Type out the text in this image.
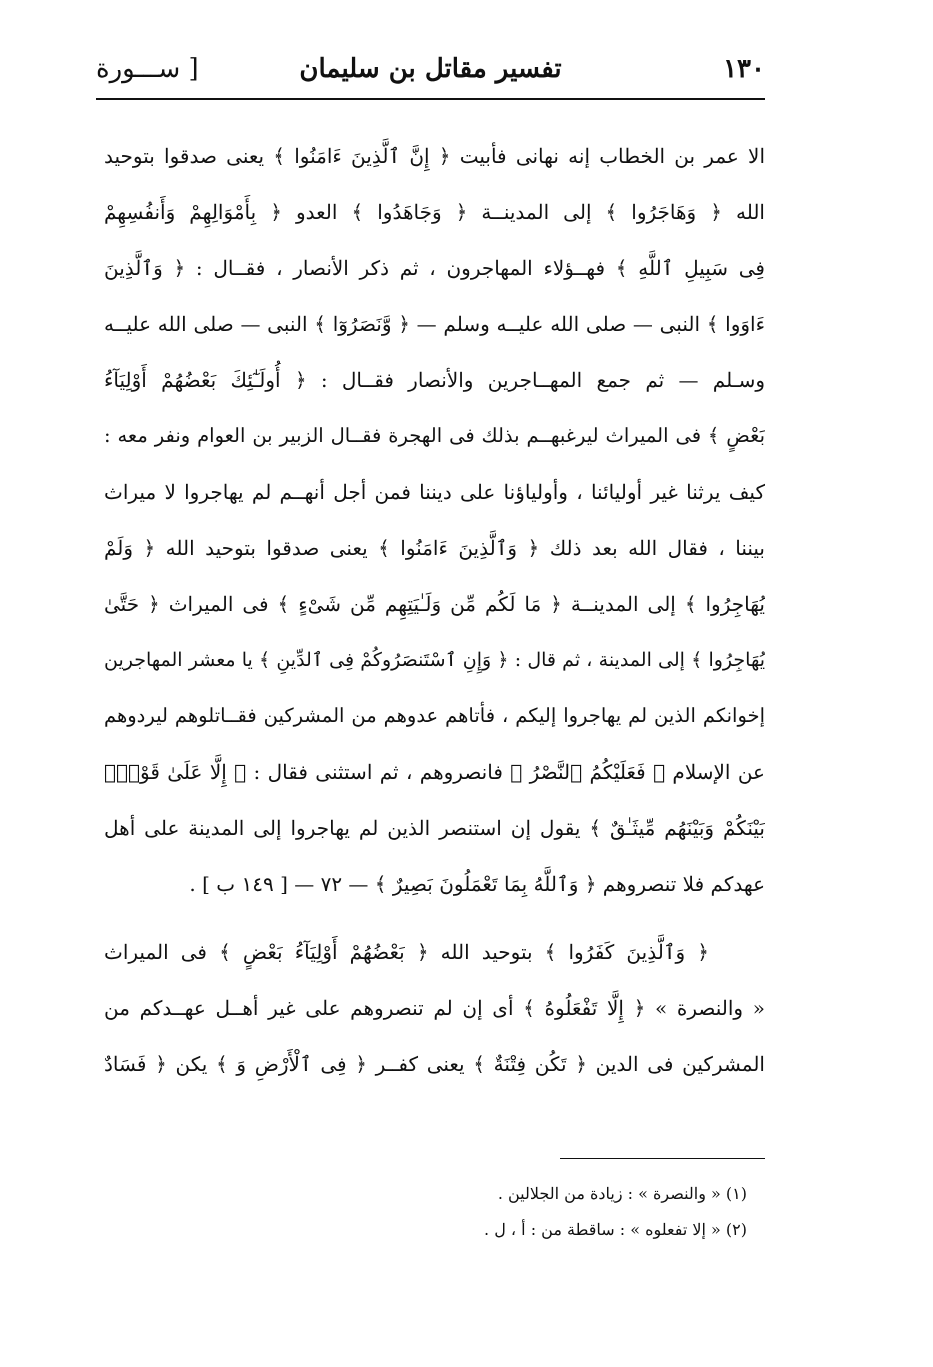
١٣٠
تفسير مقاتل بن سليمان
[ ســـورة
الا عمر بن الخطاب إنه نهانى فأبيت ﴿ إِنَّ ٱلَّذِينَ ءَامَنُوا ﴾ يعنى صدقوا بتوحيد
الله ﴿ وَهَاجَرُوا ﴾ إلى المدينــة ﴿ وَجَاهَدُوا ﴾ العدو ﴿ بِأَمْوَالِهِمْ وَأَنفُسِهِمْ
فِى سَبِيلِ ٱللَّهِ ﴾ فهــؤلاء المهاجرون ، ثم ذكر الأنصار ، فقــال : ﴿ وَٱلَّذِينَ
ءَاوَوا ﴾ النبى — صلى الله عليــه وسلم — ﴿ وَّنَصَرُوٓا ﴾ النبى — صلى الله عليــه
وسـلم — ثم جمع المهــاجرين والأنصار فقــال : ﴿ أُولَـٰٓئِكَ بَعْضُهُمْ أَوْلِيَآءُ
بَعْضٍ ﴾ فى الميراث ليرغبهــم بذلك فى الهجرة فقــال الزبير بن العوام ونفر معه :
كيف يرثنا غير أوليائنا ، وأولياؤنا على ديننا فمن أجل أنهــم لم يهاجروا لا ميراث
بيننا ، فقال الله بعد ذلك ﴿ وَٱلَّذِينَ ءَامَنُوا ﴾ يعنى صدقوا بتوحيد الله ﴿ وَلَمْ
يُهَاجِرُوا ﴾ إلى المدينــة ﴿ مَا لَكُم مِّن وَلَـٰيَتِهِم مِّن شَىْءٍ ﴾ فى الميراث ﴿ حَتَّىٰ
يُهَاجِرُوا ﴾ إلى المدينة ، ثم قال : ﴿ وَإِنِ ٱسْتَنصَرُوكُمْ فِى ٱلدِّينِ ﴾ يا معشر المهاجرين
إخوانكم الذين لم يهاجروا إليكم ، فأتاهم عدوهم من المشركين فقــاتلوهم ليردوهم
عن الإسلام ﴿ فَعَلَيْكُمُ ٱلنَّصْرُ ﴾ فانصروهم ، ثم استثنى فقال : ﴿ إِلَّا عَلَىٰ قَوْمٍۭ
بَيْنَكُمْ وَبَيْنَهُم مِّيثَـٰقٌ ﴾ يقول إن استنصر الذين لم يهاجروا إلى المدينة على أهل
عهدكم فلا تنصروهم ﴿ وَٱللَّهُ بِمَا تَعْمَلُونَ بَصِيرٌ ﴾ — ٧٢ — [ ١٤٩ ب ] .
﴿ وَٱلَّذِينَ كَفَرُوا ﴾ بتوحيد الله ﴿ بَعْضُهُمْ أَوْلِيَآءُ بَعْضٍ ﴾ فى الميراث
« والنصرة » ﴿ إِلَّا تَفْعَلُوهُ ﴾ أى إن لم تنصروهم على غير أهــل عهــدكم من
المشركين فى الدين ﴿ تَكُن فِتْنَةٌ ﴾ يعنى كفــر ﴿ فِى ٱلْأَرْضِ وَ ﴾ يكن ﴿ فَسَادٌ
(١) « والنصرة » : زيادة من الجلالين .
(٢) « إلا تفعلوه » : ساقطة من : أ ، ل .
